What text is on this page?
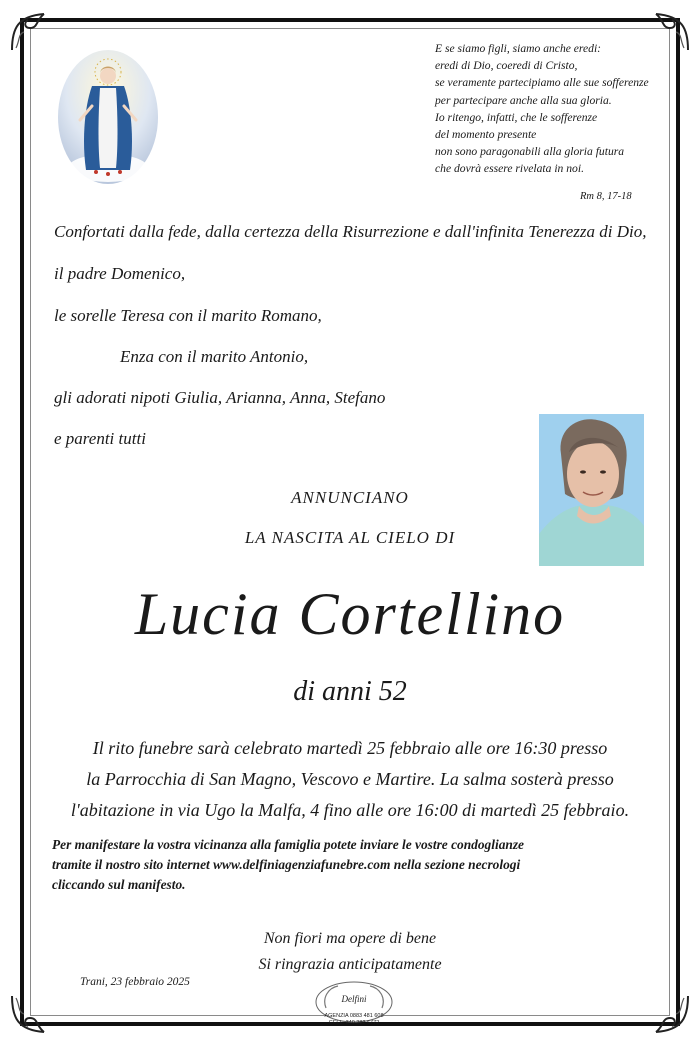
E se siamo figli, siamo anche eredi:
eredi di Dio, coeredi di Cristo,
se veramente partecipiamo alle sue sofferenze
per partecipare anche alla sua gloria.
Io ritengo, infatti, che le sofferenze
del momento presente
non sono paragonabili alla gloria futura
che dovrà essere rivelata in noi.
Rm 8, 17-18
Confortati dalla fede, dalla certezza della Risurrezione e dall'infinita Tenerezza di Dio,
il padre Domenico,
le sorelle Teresa con il marito Romano,
Enza con il marito Antonio,
gli adorati nipoti Giulia, Arianna, Anna, Stefano
e parenti tutti
ANNUNCIANO
LA NASCITA AL CIELO DI
Lucia Cortellino
di anni 52
Il rito funebre sarà celebrato martedì 25 febbraio alle ore 16:30 presso
la Parrocchia di San Magno, Vescovo e Martire. La salma sosterà presso
l'abitazione in via Ugo la Malfa, 4 fino alle ore 16:00 di martedì 25 febbraio.
Per manifestare la vostra vicinanza alla famiglia potete inviare le vostre condoglianze
tramite il nostro sito internet www.delfiniagenziafunebre.com nella sezione necrologi
cliccando sul manifesto.
Non fiori ma opere di bene
Si ringrazia anticipatamente
Trani, 23 febbraio 2025
Delfini
AGENZIA 0883 481 608
CELL. 340 282 6772
